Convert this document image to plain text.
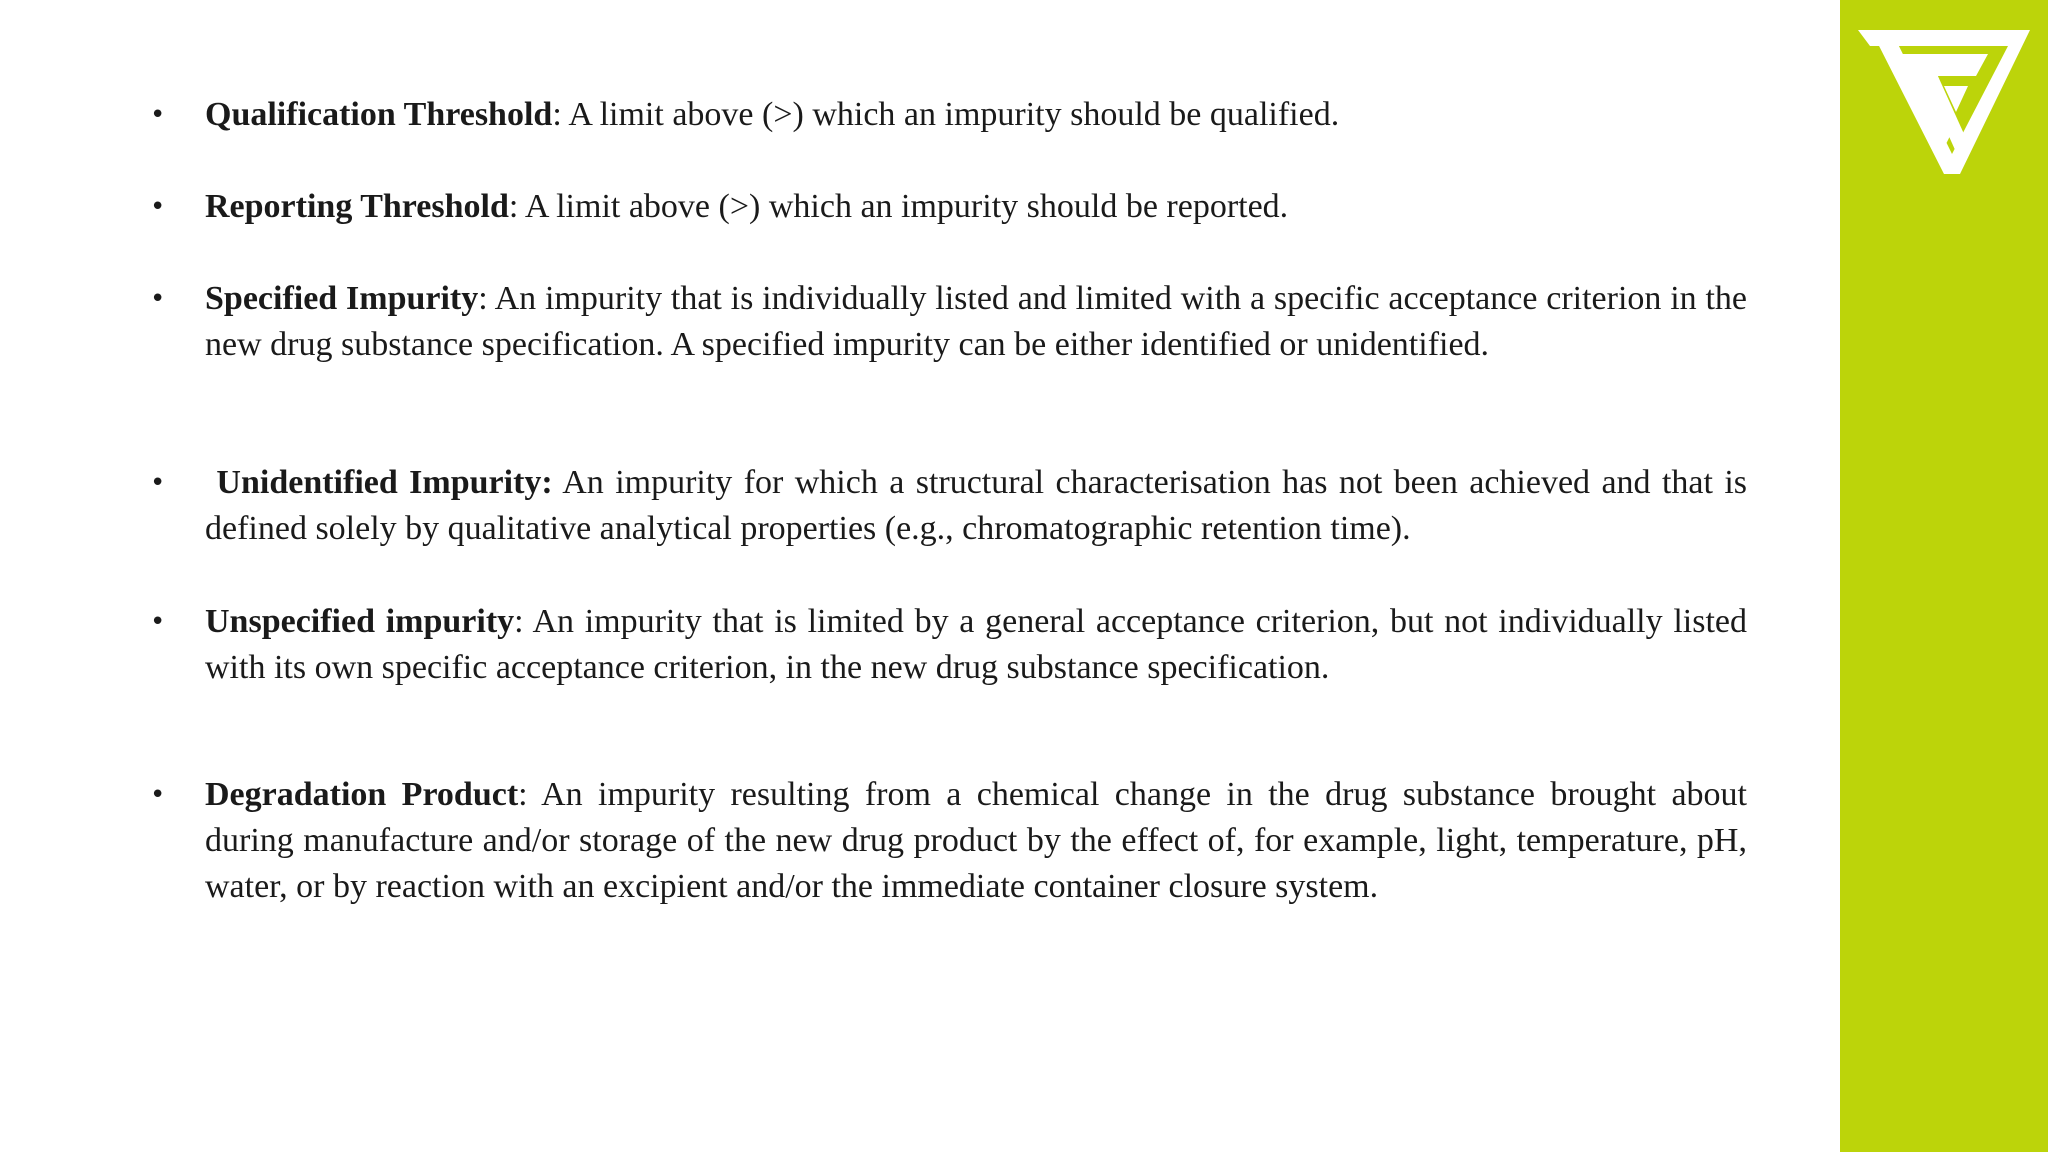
•	Qualification Threshold: A limit above (>) which an impurity should be qualified.
•	Reporting Threshold: A limit above (>) which an impurity should be reported.
•	Specified Impurity: An impurity that is individually listed and limited with a specific acceptance criterion in the new drug substance specification. A specified impurity can be either identified or unidentified.
•	Unidentified Impurity: An impurity for which a structural characterisation has not been achieved and that is defined solely by qualitative analytical properties (e.g., chromatographic retention time).
•	Unspecified impurity: An impurity that is limited by a general acceptance criterion, but not individually listed with its own specific acceptance criterion, in the new drug substance specification.
•	Degradation Product: An impurity resulting from a chemical change in the drug substance brought about during manufacture and/or storage of the new drug product by the effect of, for example, light, temperature, pH, water, or by reaction with an excipient and/or the immediate container closure system.
